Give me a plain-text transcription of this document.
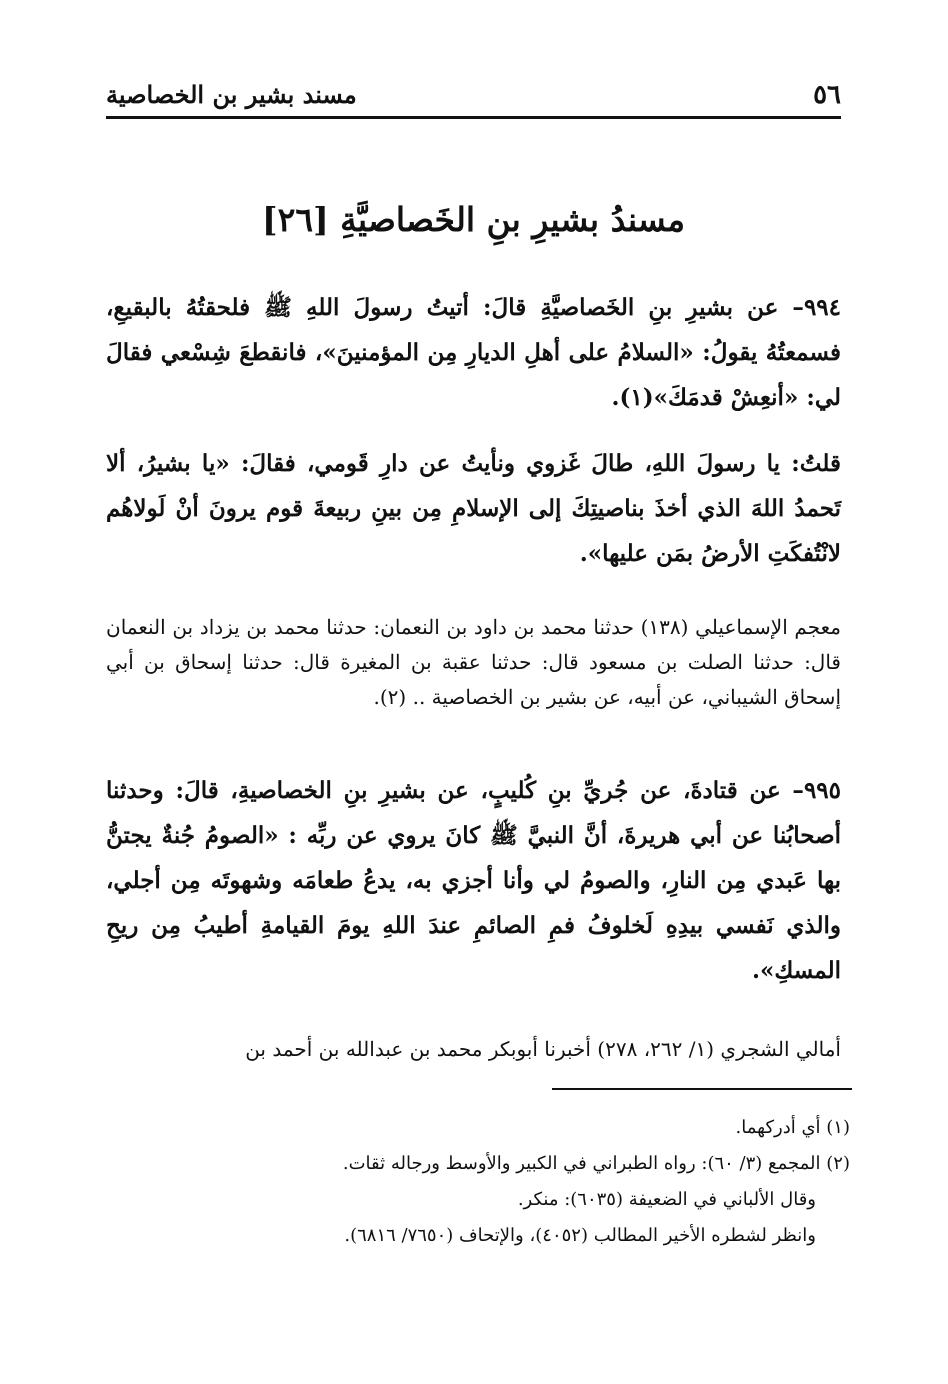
٥٦
مسند بشير بن الخصاصية
[٢٦] مسندُ بشيرِ بنِ الخَصاصيَّةِ
٩٩٤– عن بشيرِ بنِ الخَصاصيَّةِ قالَ: أتيتُ رسولَ اللهِ ﷺ فلحقتُهُ بالبقيعِ، فسمعتُهُ يقولُ: «السلامُ على أهلِ الديارِ مِن المؤمنينَ»، فانقطعَ شِسْعي فقالَ لي: «أنعِشْ قدمَكَ»(١).
قلتُ: يا رسولَ اللهِ، طالَ غَزوي ونأيتُ عن دارِ قَومي، فقالَ: «يا بشيرُ، ألا تَحمدُ اللهَ الذي أخذَ بناصيتِكَ إلى الإسلامِ مِن بينِ ربيعةَ قوم يرونَ أنْ لَولاهُم لانْتُفكَتِ الأرضُ بمَن عليها».
معجم الإسماعيلي (١٣٨) حدثنا محمد بن داود بن النعمان: حدثنا محمد بن يزداد بن النعمان قال: حدثنا الصلت بن مسعود قال: حدثنا عقبة بن المغيرة قال: حدثنا إسحاق بن أبي إسحاق الشيباني، عن أبيه، عن بشير بن الخصاصية .. (٢).
٩٩٥– عن قتادةَ، عن جُريِّ بنِ كُليبٍ، عن بشيرِ بنِ الخصاصيةِ، قالَ: وحدثنا أصحابُنا عن أبي هريرةَ، أنَّ النبيَّ ﷺ كانَ يروي عن ربِّه : «الصومُ جُنةٌ يجتنُّ بها عَبدي مِن النارِ، والصومُ لي وأنا أجزي به، يدعُ طعامَه وشهوتَه مِن أجلي، والذي نَفسي بيدِهِ لَخلوفُ فمِ الصائمِ عندَ اللهِ يومَ القيامةِ أطيبُ مِن ريحِ المسكِ».
أمالي الشجري (١/ ٢٦٢، ٢٧٨) أخبرنا أبوبكر محمد بن عبدالله بن أحمد بن
(١) أي أدركهما.
(٢) المجمع (٣/ ٦٠): رواه الطبراني في الكبير والأوسط ورجاله ثقات.
وقال الألباني في الضعيفة (٦٠٣٥): منكر.
وانظر لشطره الأخير المطالب (٤٠٥٢)، والإتحاف (٧٦٥٠/ ٦٨١٦).
